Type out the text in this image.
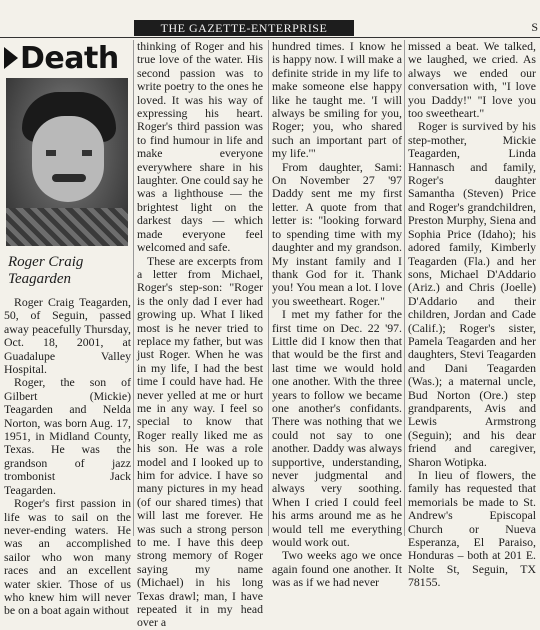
THE GAZETTE-ENTERPRISE	S
Death
Roger Craig Teagarden

Roger Craig Teagarden, 50, of Seguin, passed away peacefully Thursday, Oct. 18, 2001, at Guadalupe Valley Hospital.

Roger, the son of Gilbert (Mickie) Teagarden and Nelda Norton, was born Aug. 17, 1951, in Midland County, Texas. He was the grandson of jazz trombonist Jack Teagarden.

Roger's first passion in life was to sail on the never-ending waters. He was an accomplished sailor who won many races and an excellent water skier. Those of us who knew him will never be on a boat again without

thinking of Roger and his true love of the water. His second passion was to write poetry to the ones he loved. It was his way of expressing his heart. Roger's third passion was to find humour in life and make everyone everywhere share in his laughter. One could say he was a lighthouse — the brightest light on the darkest days — which made everyone feel welcomed and safe.

These are excerpts from a letter from Michael, Roger's step-son: "Roger is the only dad I ever had growing up. What I liked most is he never tried to replace my father, but was just Roger. When he was in my life, I had the best time I could have had. He never yelled at me or hurt me in any way. I feel so special to know that Roger really liked me as his son. He was a role model and I looked up to him for advice. I have so many pictures in my head (of our shared times) that will last me forever. He was such a strong person to me. I have this deep strong memory of Roger saying my name (Michael) in his long Texas drawl; man, I have repeated it in my head over a

hundred times. I know he is happy now. I will make a definite stride in my life to make someone else happy like he taught me. 'I will always be smiling for you, Roger; you, who shared such an important part of my life.'"

From daughter, Sami: On November 27 '97 Daddy sent me my first letter. A quote from that letter is: "looking forward to spending time with my daughter and my grandson. My instant family and I thank God for it. Thank you! You mean a lot. I love you sweetheart. Roger."

I met my father for the first time on Dec. 22 '97. Little did I know then that that would be the first and last time we would hold one another. With the three years to follow we became one another's confidants. There was nothing that we could not say to one another. Daddy was always supportive, understanding, never judgmental and always very soothing. When I cried I could feel his arms around me as he would tell me everything would work out.

Two weeks ago we once again found one another. It was as if we had never

missed a beat. We talked, we laughed, we cried. As always we ended our conversation with, "I love you Daddy!" "I love you too sweetheart."

Roger is survived by his step-mother, Mickie Teagarden, Linda Hannasch and family, Roger's daughter Samantha (Steven) Price and Roger's grandchildren, Preston Murphy, Siena and Sophia Price (Idaho); his adored family, Kimberly Teagarden (Fla.) and her sons, Michael D'Addario (Ariz.) and Chris (Joelle) D'Addario and their children, Jordan and Cade (Calif.); Roger's sister, Pamela Teagarden and her daughters, Stevi Teagarden and Dani Teagarden (Was.); a maternal uncle, Bud Norton (Ore.) step grandparents, Avis and Lewis Armstrong (Seguin); and his dear friend and caregiver, Sharon Wotipka.

In lieu of flowers, the family has requested that memorials be made to St. Andrew's Episcopal Church or Nueva Esperanza, El Paraiso, Honduras – both at 201 E. Nolte St, Seguin, TX 78155.
